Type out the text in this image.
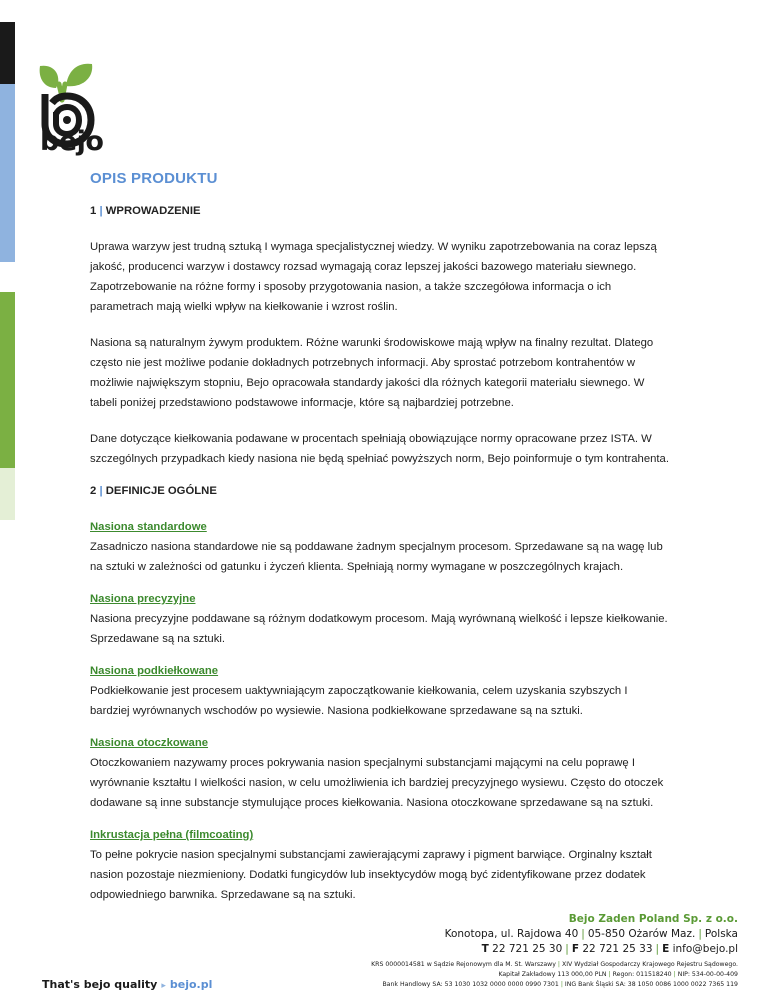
bejo
OPIS PRODUKTU
1 | WPROWADZENIE

Uprawa warzyw jest trudną sztuką I wymaga specjalistycznej wiedzy. W wyniku zapotrzebowania na coraz lepszą jakość, producenci warzyw i dostawcy rozsad wymagają coraz lepszej jakości bazowego materiału siewnego. Zapotrzebowanie na różne formy i sposoby przygotowania nasion, a także szczegółowa informacja o ich parametrach mają wielki wpływ na kiełkowanie i wzrost roślin.

Nasiona są naturalnym żywym produktem. Różne warunki środowiskowe mają wpływ na finalny rezultat. Dlatego często nie jest możliwe podanie dokładnych potrzebnych informacji. Aby sprostać potrzebom kontrahentów w możliwie największym stopniu, Bejo opracowała standardy jakości dla różnych kategorii materiału siewnego. W tabeli poniżej przedstawiono podstawowe informacje, które są najbardziej potrzebne.

Dane dotyczące kiełkowania podawane w procentach spełniają obowiązujące normy opracowane przez ISTA. W szczególnych przypadkach kiedy nasiona nie będą spełniać powyższych norm, Bejo poinformuje o tym kontrahenta.

2 | DEFINICJE OGÓLNE
Nasiona standardowe

Zasadniczo nasiona standardowe nie są poddawane żadnym specjalnym procesom. Sprzedawane są na wagę lub na sztuki w zależności od gatunku i życzeń klienta. Spełniają normy wymagane w poszczególnych krajach.

Nasiona precyzyjne

Nasiona precyzyjne poddawane są różnym dodatkowym procesom. Mają wyrównaną wielkość i lepsze kiełkowanie. Sprzedawane są na sztuki.

Nasiona podkiełkowane

Podkiełkowanie jest procesem uaktywniającym zapoczątkowanie kiełkowania, celem uzyskania szybszych I bardziej wyrównanych wschodów po wysiewie. Nasiona podkiełkowane sprzedawane są na sztuki.

Nasiona otoczkowane

Otoczkowaniem nazywamy proces pokrywania nasion specjalnymi substancjami mającymi na celu poprawę I wyrównanie kształtu I wielkości nasion, w celu umożliwienia ich bardziej precyzyjnego wysiewu. Często do otoczek dodawane są inne substancje stymulujące proces kiełkowania. Nasiona otoczkowane sprzedawane są na sztuki.

Inkrustacja pełna (filmcoating)

To pełne pokrycie nasion specjalnymi substancjami zawierającymi zaprawy i pigment barwiące. Orginalny kształt nasion pozostaje niezmieniony. Dodatki fungicydów lub insektycydów mogą być zidentyfikowane przez dodatek odpowiedniego barwnika. Sprzedawane są na sztuki.

Bejo Zaden Poland Sp. z o.o.
Konotopa, ul. Rajdowa 40 | 05-850 Ożarów Maz. | Polska
T 22 721 25 30 | F 22 721 25 33 | E info@bejo.pl
KRS 0000014581 w Sądzie Rejonowym dla M. St. Warszawy | XIV Wydział Gospodarczy Krajowego Rejestru Sądowego.
Kapitał Zakładowy 113 000,00 PLN | Regon: 011518240 | NIP: 534-00-00-409
Bank Handlowy SA: 53 1030 1032 0000 0000 0990 7301 | ING Bank Śląski SA: 38 1050 0086 1000 0022 7365 119
That's bejo quality ▸ bejo.pl
